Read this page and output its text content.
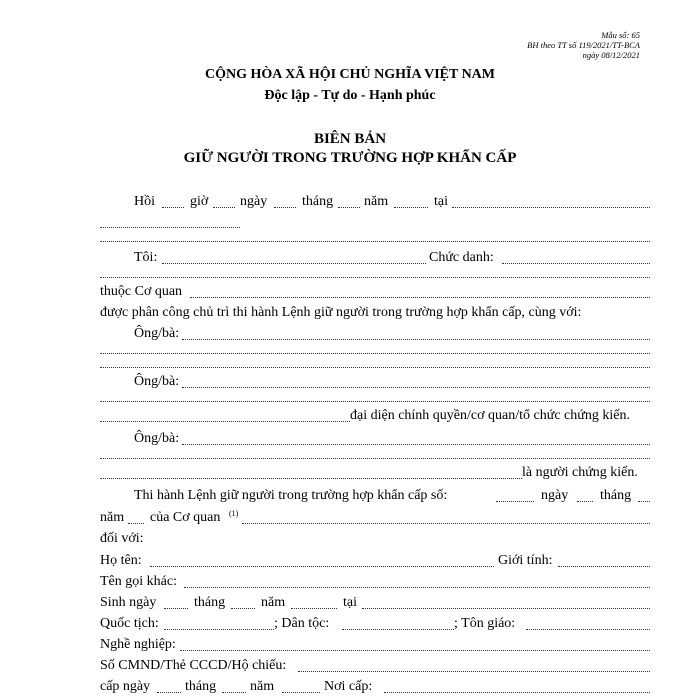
Mẫu số: 65
BH theo TT số 119/2021/TT-BCA
ngày 08/12/2021
CỘNG HÒA XÃ HỘI CHỦ NGHĨA VIỆT NAM
Độc lập - Tự do - Hạnh phúc
BIÊN BẢN
GIỮ NGƯỜI TRONG TRƯỜNG HỢP KHẨN CẤP
Hồi	giờ ngày tháng năm	tại
Tôi:	Chức danh:
thuộc Cơ quan
được phân công chủ trì thi hành Lệnh giữ người trong trường hợp khẩn cấp, cùng với:
Ông/bà:
Ông/bà:
đại diện chính quyền/cơ quan/tổ chức chứng kiến.
Ông/bà:
là người chứng kiến.
Thi hành Lệnh giữ người trong trường hợp khẩn cấp số:	ngày tháng
năm của Cơ quan (1)
đối với:
Họ tên:	Giới tính:
Tên gọi khác:
Sinh ngày	tháng	năm	tại
Quốc tịch:	; Dân tộc:	; Tôn giáo:
Nghề nghiệp:
Số CMND/Thẻ CCCD/Hộ chiếu:
cấp ngày tháng năm	Nơi cấp:
